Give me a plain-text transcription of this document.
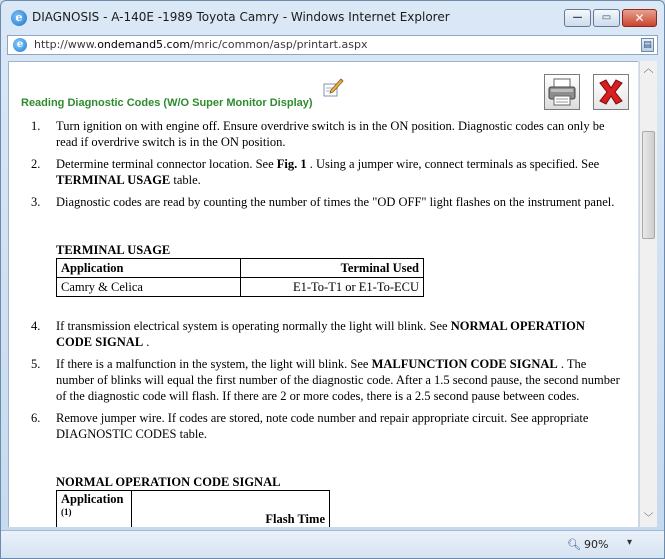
e DIAGNOSIS - A-140E -1989 Toyota Camry - Windows Internet Explorer	—	▭	✕
e http://www.ondemand5.com/mric/common/asp/printart.aspx	▤
Reading Diagnostic Codes (W/O Super Monitor Display)
1. Turn ignition on with engine off. Ensure overdrive switch is in the ON position. Diagnostic codes can only be read if overdrive switch is in the ON position.
2. Determine terminal connector location. See Fig. 1 . Using a jumper wire, connect terminals as specified. See TERMINAL USAGE table.
3. Diagnostic codes are read by counting the number of times the "OD OFF" light flashes on the instrument panel.
TERMINAL USAGE
Application	Terminal Used
Camry & Celica	E1-To-T1 or E1-To-ECU
4. If transmission electrical system is operating normally the light will blink. See NORMAL OPERATION CODE SIGNAL .
5. If there is a malfunction in the system, the light will blink. See MALFUNCTION CODE SIGNAL . The number of blinks will equal the first number of the diagnostic code. After a 1.5 second pause, the second number of the diagnostic code will flash. If there are 2 or more codes, there is a 2.5 second pause between codes.
6. Remove jumper wire. If codes are stored, note code number and repair appropriate circuit. See appropriate DIAGNOSTIC CODES table.
NORMAL OPERATION CODE SIGNAL
Application
$^{(1)}$	Flash Time
︿
﹀
🔍︎ 90% ▾
